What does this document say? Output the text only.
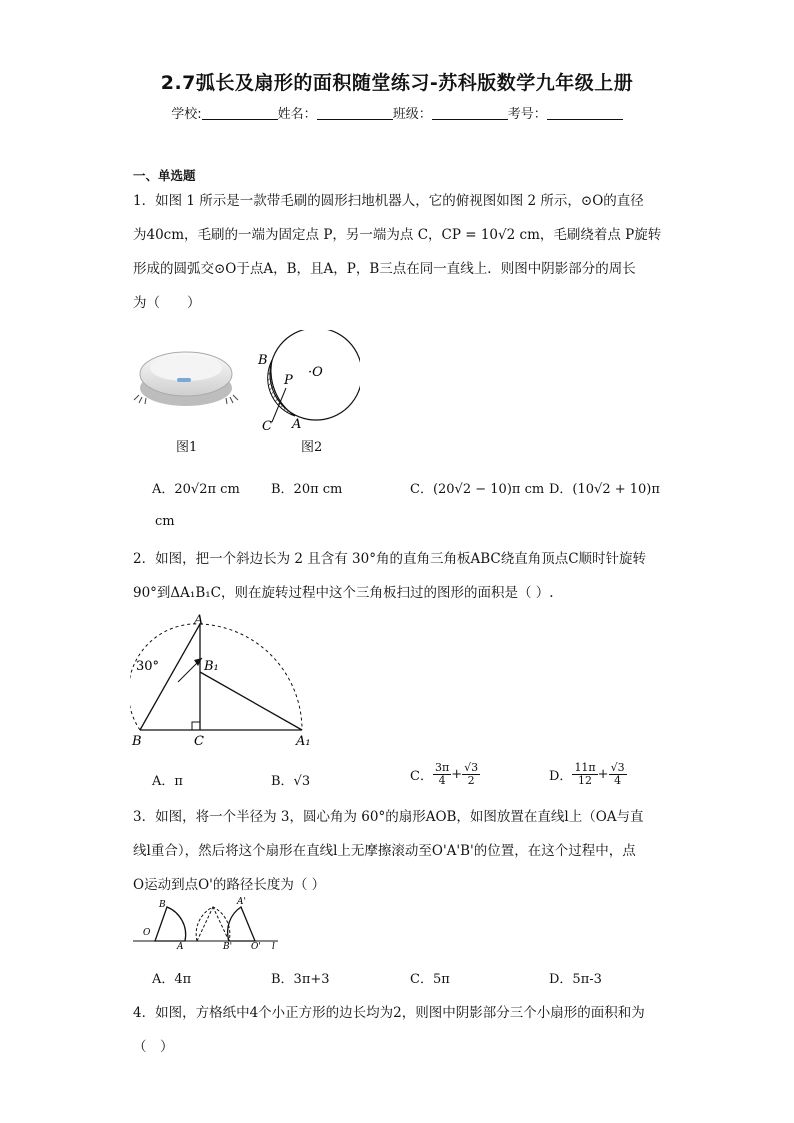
2.7弧长及扇形的面积随堂练习-苏科版数学九年级上册
学校:	姓名：	班级：	考号：
一、单选题
1．如图 1 所示是一款带毛刷的圆形扫地机器人，它的俯视图如图 2 所示，⊙O的直径
为40cm，毛刷的一端为固定点 P，另一端为点 C，CP = 10√2 cm，毛刷绕着点 P旋转
形成的圆弧交⊙O于点A，B，且A，P，B三点在同一直线上．则图中阴影部分的周长
为（　　）
图1
B
P
·O
C A
图2
A．20√2π cm B．20π cm	C．(20√2 − 10)π cm D．(10√2 + 10)π
cm
2．如图，把一个斜边长为 2 且含有 30°角的直角三角板ABC绕直角顶点C顺时针旋转
90°到ΔA₁B₁C，则在旋转过程中这个三角板扫过的图形的面积是（ ）.
A
B₁
30°
B	C	A₁
A．π	B．√3	C． $\frac{3\pi}{4} + \frac{√3}{2}$	D． $\frac{11\pi}{12} + \frac{√3}{4}$
3．如图，将一个半径为 3，圆心角为 60°的扇形AOB，如图放置在直线l上（OA与直
线l重合），然后将这个扇形在直线l上无摩擦滚动至O'A'B'的位置，在这个过程中，点
O运动到点O'的路径长度为（ ）
B
O
A
A'
B' O' l
A．4π	B．3π+3	C．5π	D．5π-3
4．如图，方格纸中4个小正方形的边长均为2，则图中阴影部分三个小扇形的面积和为
（　）
